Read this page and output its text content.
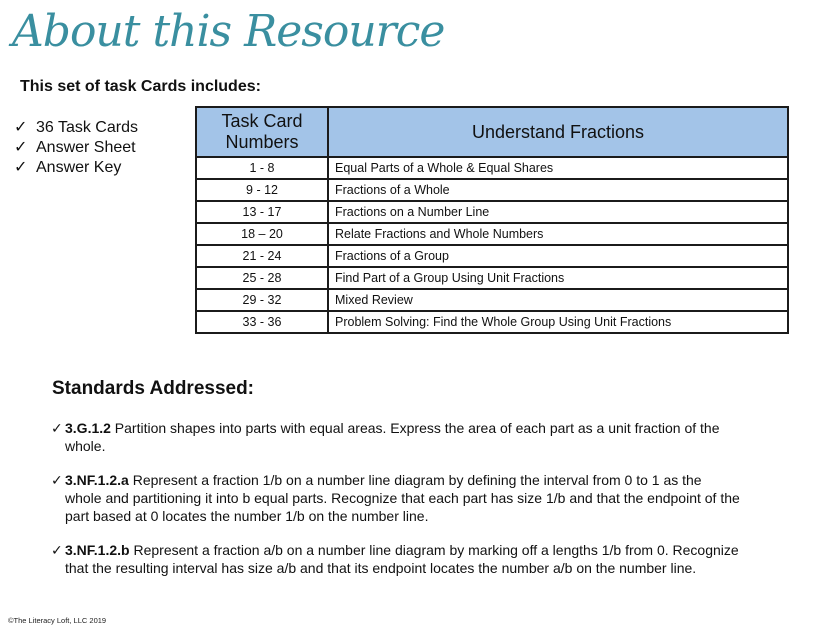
About this Resource

This set of task Cards includes:

✓ 36 Task Cards
✓ Answer Sheet
✓ Answer Key
Task Card Numbers	Understand Fractions
1 - 8	Equal Parts of a Whole & Equal Shares
9 - 12	Fractions of a Whole
13 - 17	Fractions on a Number Line
18 – 20	Relate Fractions and Whole Numbers
21 - 24	Fractions of a Group
25 - 28	Find Part of a Group Using Unit Fractions
29 - 32	Mixed Review
33 - 36	Problem Solving: Find the Whole Group Using Unit Fractions
Standards Addressed:
✓ 3.G.1.2 Partition shapes into parts with equal areas. Express the area of each part as a unit fraction of the whole.
✓ 3.NF.1.2.a Represent a fraction 1/b on a number line diagram by defining the interval from 0 to 1 as the whole and partitioning it into b equal parts. Recognize that each part has size 1/b and that the endpoint of the part based at 0 locates the number 1/b on the number line.
✓ 3.NF.1.2.b Represent a fraction a/b on a number line diagram by marking off a lengths 1/b from 0. Recognize that the resulting interval has size a/b and that its endpoint locates the number a/b on the number line.
©The Literacy Loft, LLC 2019
